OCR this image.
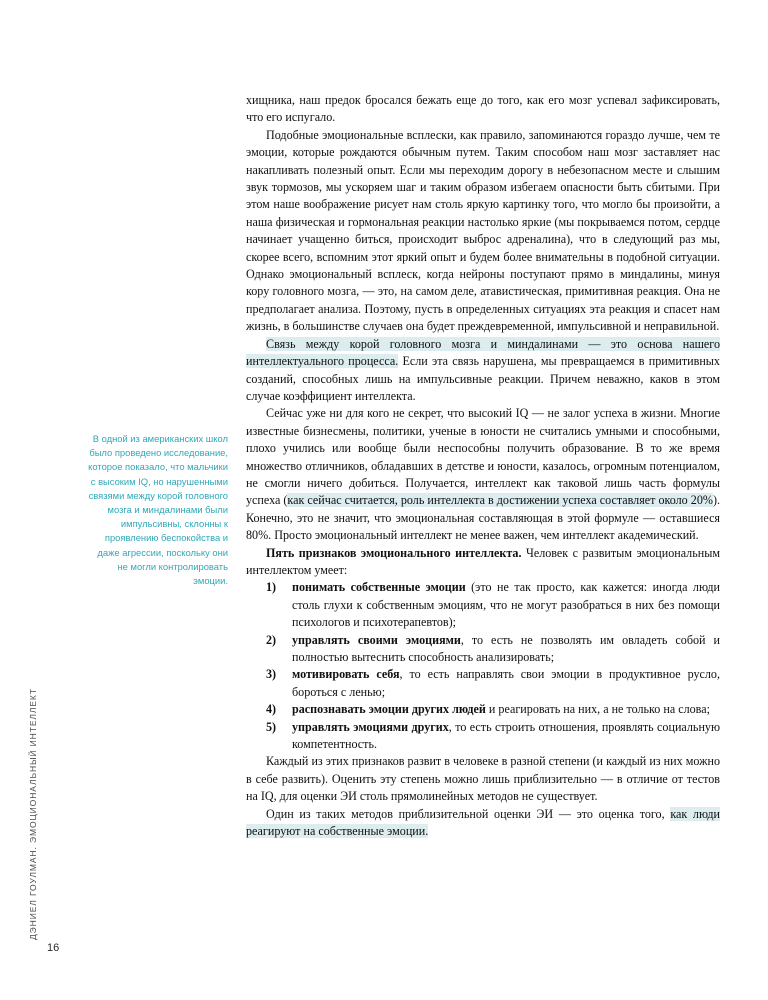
ДЭНИЕЛ ГОУЛМАН. ЭМОЦИОНАЛЬНЫЙ ИНТЕЛЛЕКТ
16
В одной из американских школ было проведено исследование, которое показало, что мальчики с высоким IQ, но нарушенными связями между корой головного мозга и миндалинами были импульсивны, склонны к проявлению беспокойства и даже агрессии, поскольку они не могли контролировать эмоции.

хищника, наш предок бросался бежать еще до того, как его мозг успевал зафиксировать, что его испугало.

Подобные эмоциональные всплески, как правило, запоминаются гораздо лучше, чем те эмоции, которые рождаются обычным путем. Таким способом наш мозг заставляет нас накапливать полезный опыт. Если мы переходим дорогу в небезопасном месте и слышим звук тормозов, мы ускоряем шаг и таким образом избегаем опасности быть сбитыми. При этом наше воображение рисует нам столь яркую картинку того, что могло бы произойти, а наша физическая и гормональная реакции настолько яркие (мы покрываемся потом, сердце начинает учащенно биться, происходит выброс адреналина), что в следующий раз мы, скорее всего, вспомним этот яркий опыт и будем более внимательны в подобной ситуации. Однако эмоциональный всплеск, когда нейроны поступают прямо в миндалины, минуя кору головного мозга, — это, на самом деле, атавистическая, примитивная реакция. Она не предполагает анализа. Поэтому, пусть в определенных ситуациях эта реакция и спасет нам жизнь, в большинстве случаев она будет преждевременной, импульсивной и неправильной.

Связь между корой головного мозга и миндалинами — это основа нашего интеллектуального процесса. Если эта связь нарушена, мы превращаемся в примитивных созданий, способных лишь на импульсивные реакции. Причем неважно, каков в этом случае коэффициент интеллекта.

Сейчас уже ни для кого не секрет, что высокий IQ — не залог успеха в жизни. Многие известные бизнесмены, политики, ученые в юности не считались умными и способными, плохо учились или вообще были неспособны получить образование. В то же время множество отличников, обладавших в детстве и юности, казалось, огромным потенциалом, не смогли ничего добиться. Получается, интеллект как таковой лишь часть формулы успеха (как сейчас считается, роль интеллекта в достижении успеха составляет около 20%). Конечно, это не значит, что эмоциональная составляющая в этой формуле — оставшиеся 80%. Просто эмоциональный интеллект не менее важен, чем интеллект академический.

Пять признаков эмоционального интеллекта. Человек с развитым эмоциональным интеллектом умеет:

1)	понимать собственные эмоции (это не так просто, как кажется: иногда люди столь глухи к собственным эмоциям, что не могут разобраться в них без помощи психологов и психотерапевтов);
2)	управлять своими эмоциями, то есть не позволять им овладеть собой и полностью вытеснить способность анализировать;
3)	мотивировать себя, то есть направлять свои эмоции в продуктивное русло, бороться с ленью;
4)	распознавать эмоции других людей и реагировать на них, а не только на слова;
5)	управлять эмоциями других, то есть строить отношения, проявлять социальную компетентность.

Каждый из этих признаков развит в человеке в разной степени (и каждый из них можно в себе развить). Оценить эту степень можно лишь приблизительно — в отличие от тестов на IQ, для оценки ЭИ столь прямолинейных методов не существует.

Один из таких методов приблизительной оценки ЭИ — это оценка того, как люди реагируют на собственные эмоции.
